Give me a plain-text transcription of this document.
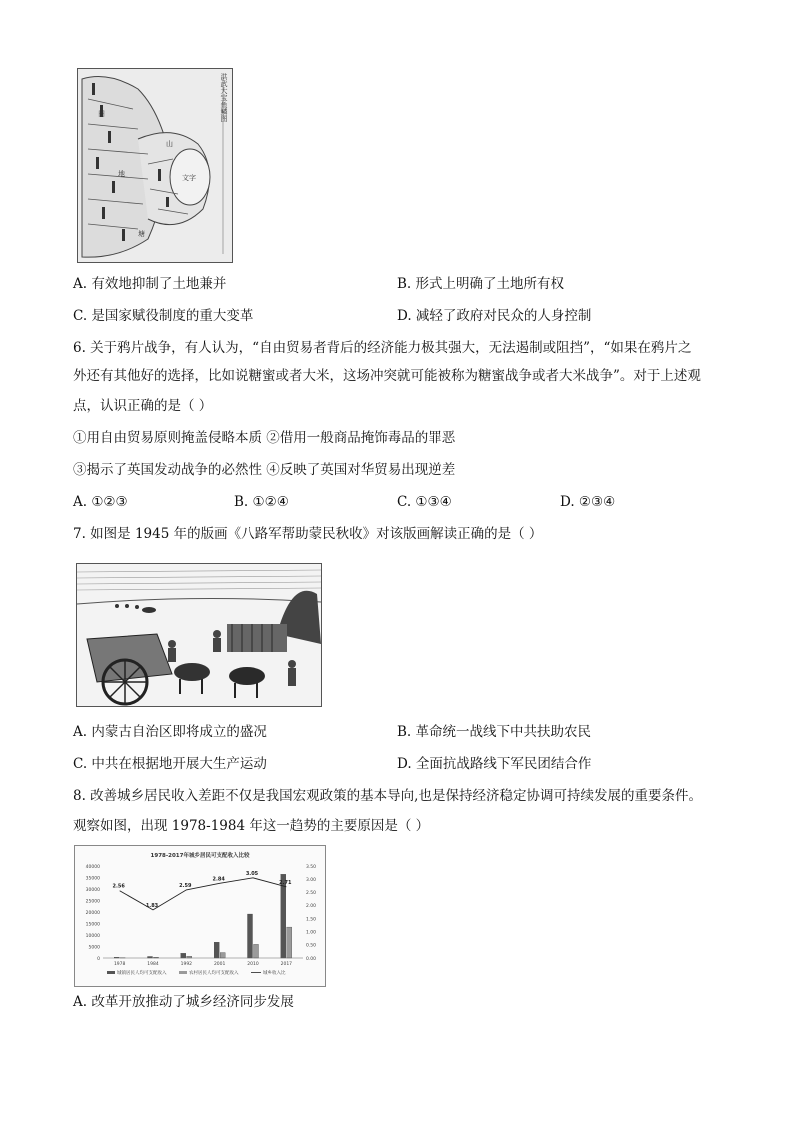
洪武大宝鱼鳞图
田
地
山
塘
文字
A. 有效地抑制了土地兼并	B. 形式上明确了土地所有权
C. 是国家赋役制度的重大变革	D. 减轻了政府对民众的人身控制
6. 关于鸦片战争，有人认为，“自由贸易者背后的经济能力极其强大，无法遏制或阻挡”，“如果在鸦片之
外还有其他好的选择，比如说糖蜜或者大米，这场冲突就可能被称为糖蜜战争或者大米战争”。对于上述观
点，认识正确的是（ ）
①用自由贸易原则掩盖侵略本质 ②借用一般商品掩饰毒品的罪恶
③揭示了英国发动战争的必然性 ④反映了英国对华贸易出现逆差
A. ①②③	B. ①②④	C. ①③④	D. ②③④
7. 如图是 1945 年的版画《八路军帮助蒙民秋收》对该版画解读正确的是（ ）
A. 内蒙古自治区即将成立的盛况	B. 革命统一战线下中共扶助农民
C. 中共在根据地开展大生产运动	D. 全面抗战路线下军民团结合作
8. 改善城乡居民收入差距不仅是我国宏观政策的基本导向,也是保持经济稳定协调可持续发展的重要条件。
观察如图，出现 1978-1984 年这一趋势的主要原因是（ ）
1978-2017年城乡居民可支配收入比较
40000
35000
30000
25000
20000
15000
10000
5000
0
3.50
3.00
2.50
2.00
1.50
1.00
0.50
0.00
2.56
1.83
2.59
2.84
3.05
2.71
1978	1984	1992	2001	2010	2017
城镇居民人均可支配收入	农村居民人均可支配收入	城乡收入比
A. 改革开放推动了城乡经济同步发展
